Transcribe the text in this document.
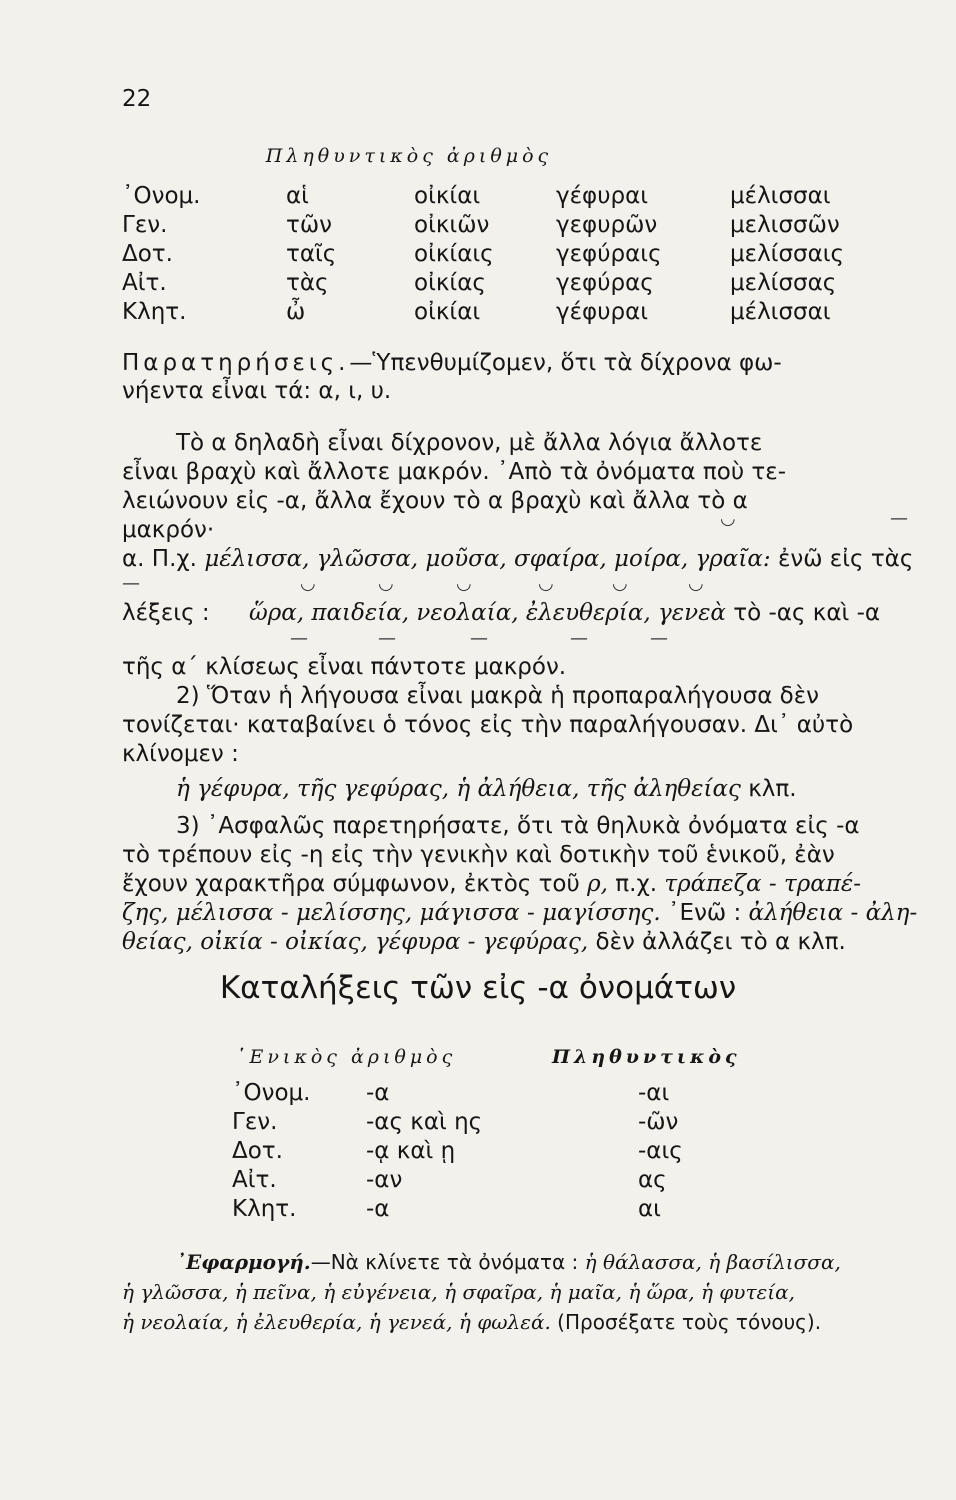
22
Πληθυντικὸς ἀριθμὸς
᾿Ονομ.	αἱ	οἰκίαι	γέφυραι	μέλισσαι
Γεν.	τῶν	οἰκιῶν	γεφυρῶν	μελισσῶν
Δοτ.	ταῖς	οἰκίαις	γεφύραις	μελίσσαις
Αἰτ.	τὰς	οἰκίας	γεφύρας	μελίσσας
Κλητ.	ὦ	οἰκίαι	γέφυραι	μέλισσαι
Παρατηρήσεις.—Ὑπενθυμίζομεν, ὅτι τὰ δίχρονα φω-
νήεντα εἶναι τά: α, ι, υ.
Τὸ α δηλαδὴ εἶναι δίχρονον, μὲ ἄλλα λόγια ἄλλοτε
εἶναι βραχὺ καὶ ἄλλοτε μακρόν. ᾿Απὸ τὰ ὀνόματα ποὺ τε-
λειώνουν εἰς -α, ἄλλα ἔχουν τὸ α βραχὺ καὶ ἄλλα τὸ α
μακρόν·	◡	—
α. Π.χ. μέλισσα, γλῶσσα, μοῦσα, σφαίρα, μοίρα, γραῖα: ἐνῶ εἰς τὰς
—	◡	◡	◡	◡	◡	◡
λέξεις : ὥρα, παιδεία, νεολαία, ἐλευθερία, γενεὰ τὸ -ας καὶ -α
—	—	—	—	—
τῆς α΄ κλίσεως εἶναι πάντοτε μακρόν.
2) Ὅταν ἡ λήγουσα εἶναι μακρὰ ἡ προπαραλήγουσα δὲν
τονίζεται· καταβαίνει ὁ τόνος εἰς τὴν παραλήγουσαν. Δι᾿ αὐτὸ
κλίνομεν :
ἡ γέφυρα, τῆς γεφύρας, ἡ ἀλήθεια, τῆς ἀληθείας κλπ.
3) ᾿Ασφαλῶς παρετηρήσατε, ὅτι τὰ θηλυκὰ ὀνόματα εἰς -α
τὸ τρέπουν εἰς -η εἰς τὴν γενικὴν καὶ δοτικὴν τοῦ ἑνικοῦ, ἐὰν
ἔχουν χαρακτῆρα σύμφωνον, ἐκτὸς τοῦ ρ, π.χ. τράπεζα - τραπέ-
ζης, μέλισσα - μελίσσης, μάγισσα - μαγίσσης. ᾿Ενῶ : ἀλήθεια - ἀλη-
θείας, οἰκία - οἰκίας, γέφυρα - γεφύρας, δὲν ἀλλάζει τὸ α κλπ.
Καταλήξεις τῶν εἰς -α ὀνομάτων
῾Ενικὸς ἀριθμὸς	Πληθυντικὸς
᾿Ονομ. -α	-αι
Γεν.	-ας καὶ ης	-ῶν
Δοτ.	-ᾳ καὶ ῃ	-αις
Αἰτ.	-αν	ας
Κλητ.	-α	αι
᾿Εφαρμογή.—Νὰ κλίνετε τὰ ὀνόματα : ἡ θάλασσα, ἡ βασίλισσα,
ἡ γλῶσσα, ἡ πεῖνα, ἡ εὐγένεια, ἡ σφαῖρα, ἡ μαῖα, ἡ ὥρα, ἡ φυτεία,
ἡ νεολαία, ἡ ἐλευθερία, ἡ γενεά, ἡ φωλεά. (Προσέξατε τοὺς τόνους).
